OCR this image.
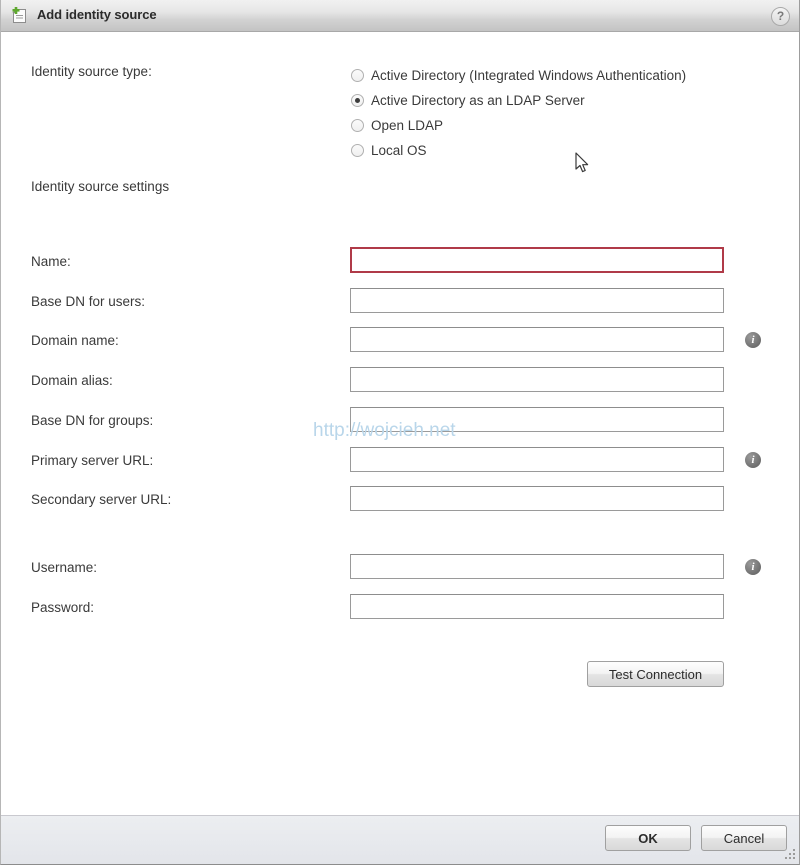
Add identity source	?
Identity source type:	Active Directory (Integrated Windows Authentication)
Active Directory as an LDAP Server
Open LDAP
Local OS
Identity source settings
Name:
Base DN for users:
Domain name:	i
Domain alias:
Base DN for groups:
Primary server URL:	i
Secondary server URL:
Username:	i
Password:
Test Connection
http://wojcieh.net
OK	Cancel
